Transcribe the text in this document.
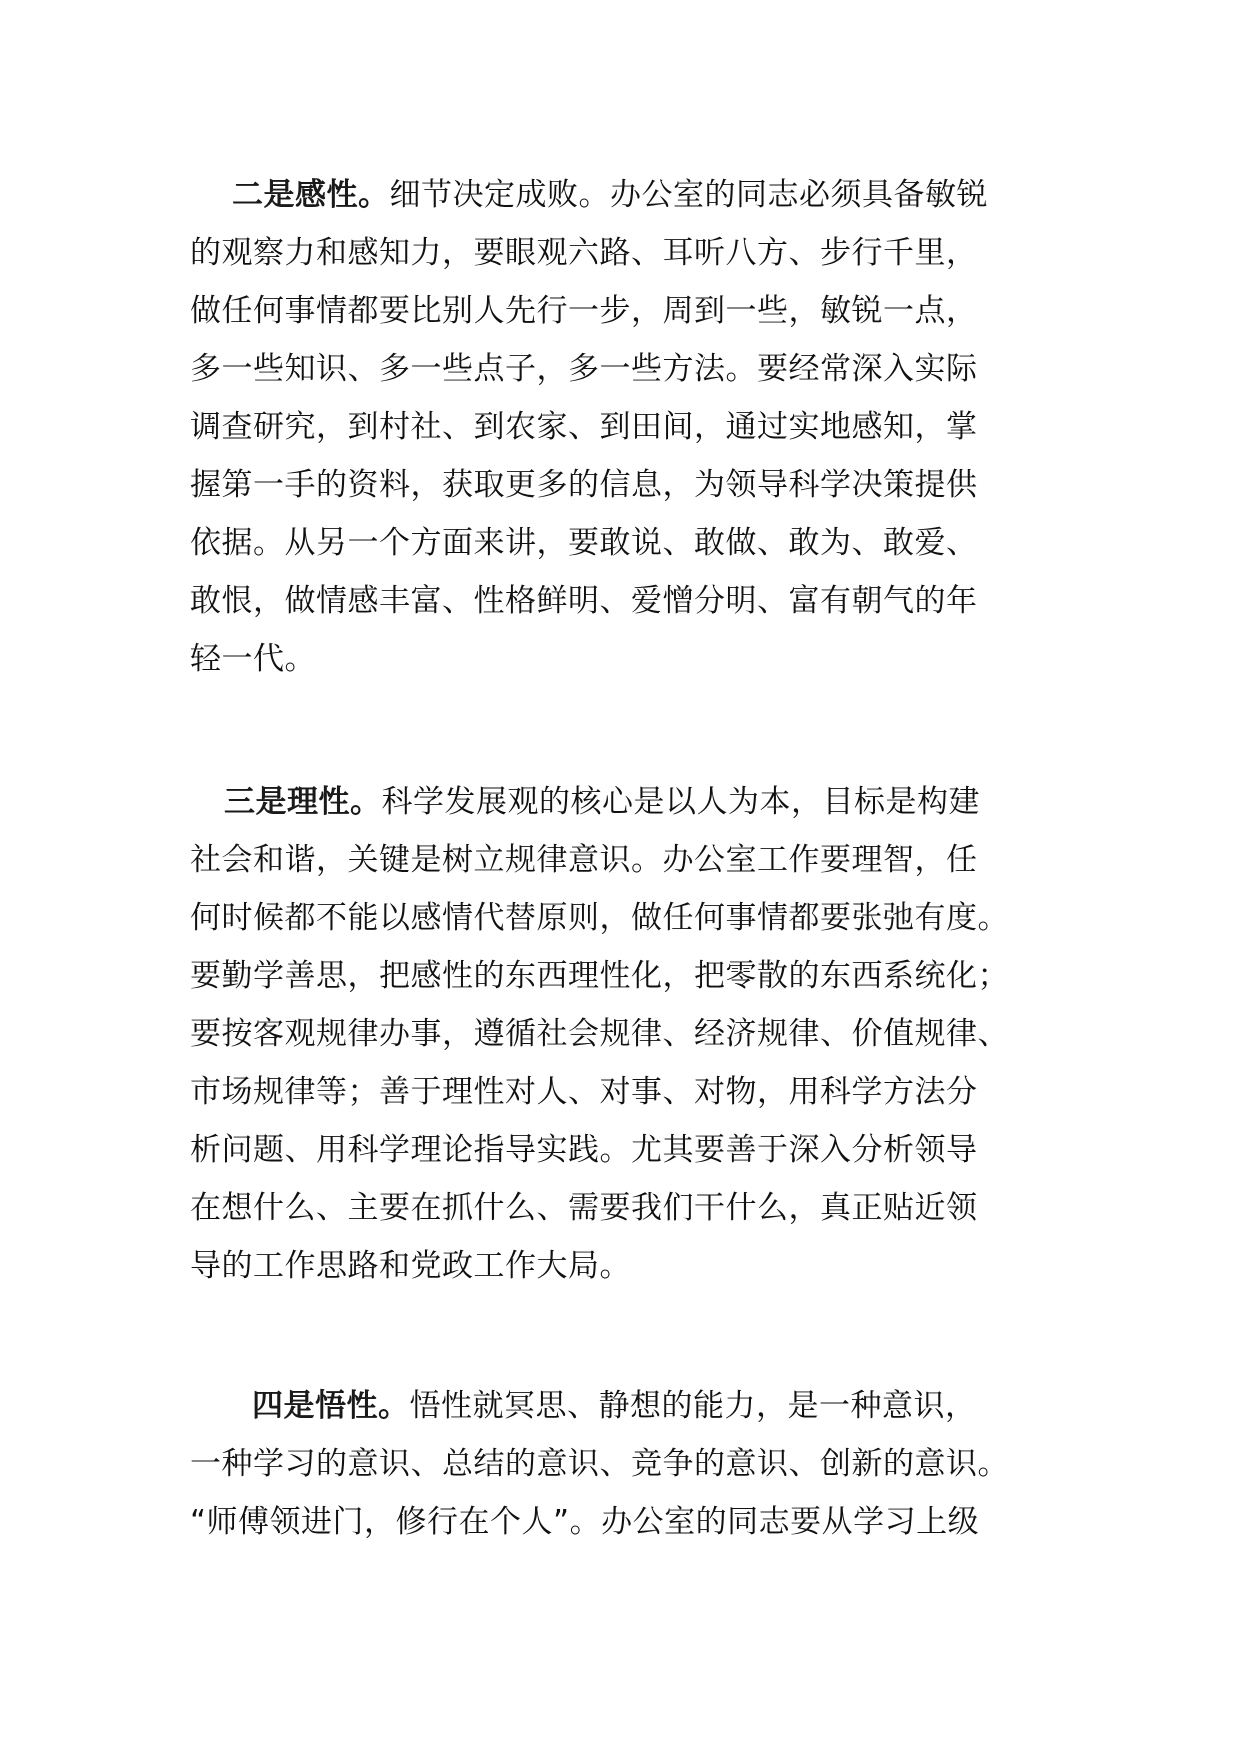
二是感性。细节决定成败。办公室的同志必须具备敏锐
的观察力和感知力，要眼观六路、耳听八方、步行千里，
做任何事情都要比别人先行一步，周到一些，敏锐一点，
多一些知识、多一些点子，多一些方法。要经常深入实际
调查研究，到村社、到农家、到田间，通过实地感知，掌
握第一手的资料，获取更多的信息，为领导科学决策提供
依据。从另一个方面来讲，要敢说、敢做、敢为、敢爱、
敢恨，做情感丰富、性格鲜明、爱憎分明、富有朝气的年
轻一代。

三是理性。科学发展观的核心是以人为本，目标是构建
社会和谐，关键是树立规律意识。办公室工作要理智，任
何时候都不能以感情代替原则，做任何事情都要张弛有度。
要勤学善思，把感性的东西理性化，把零散的东西系统化；
要按客观规律办事，遵循社会规律、经济规律、价值规律、
市场规律等；善于理性对人、对事、对物，用科学方法分
析问题、用科学理论指导实践。尤其要善于深入分析领导
在想什么、主要在抓什么、需要我们干什么，真正贴近领
导的工作思路和党政工作大局。

四是悟性。悟性就冥思、静想的能力，是一种意识，
一种学习的意识、总结的意识、竞争的意识、创新的意识。
“师傅领进门，修行在个人”。办公室的同志要从学习上级
